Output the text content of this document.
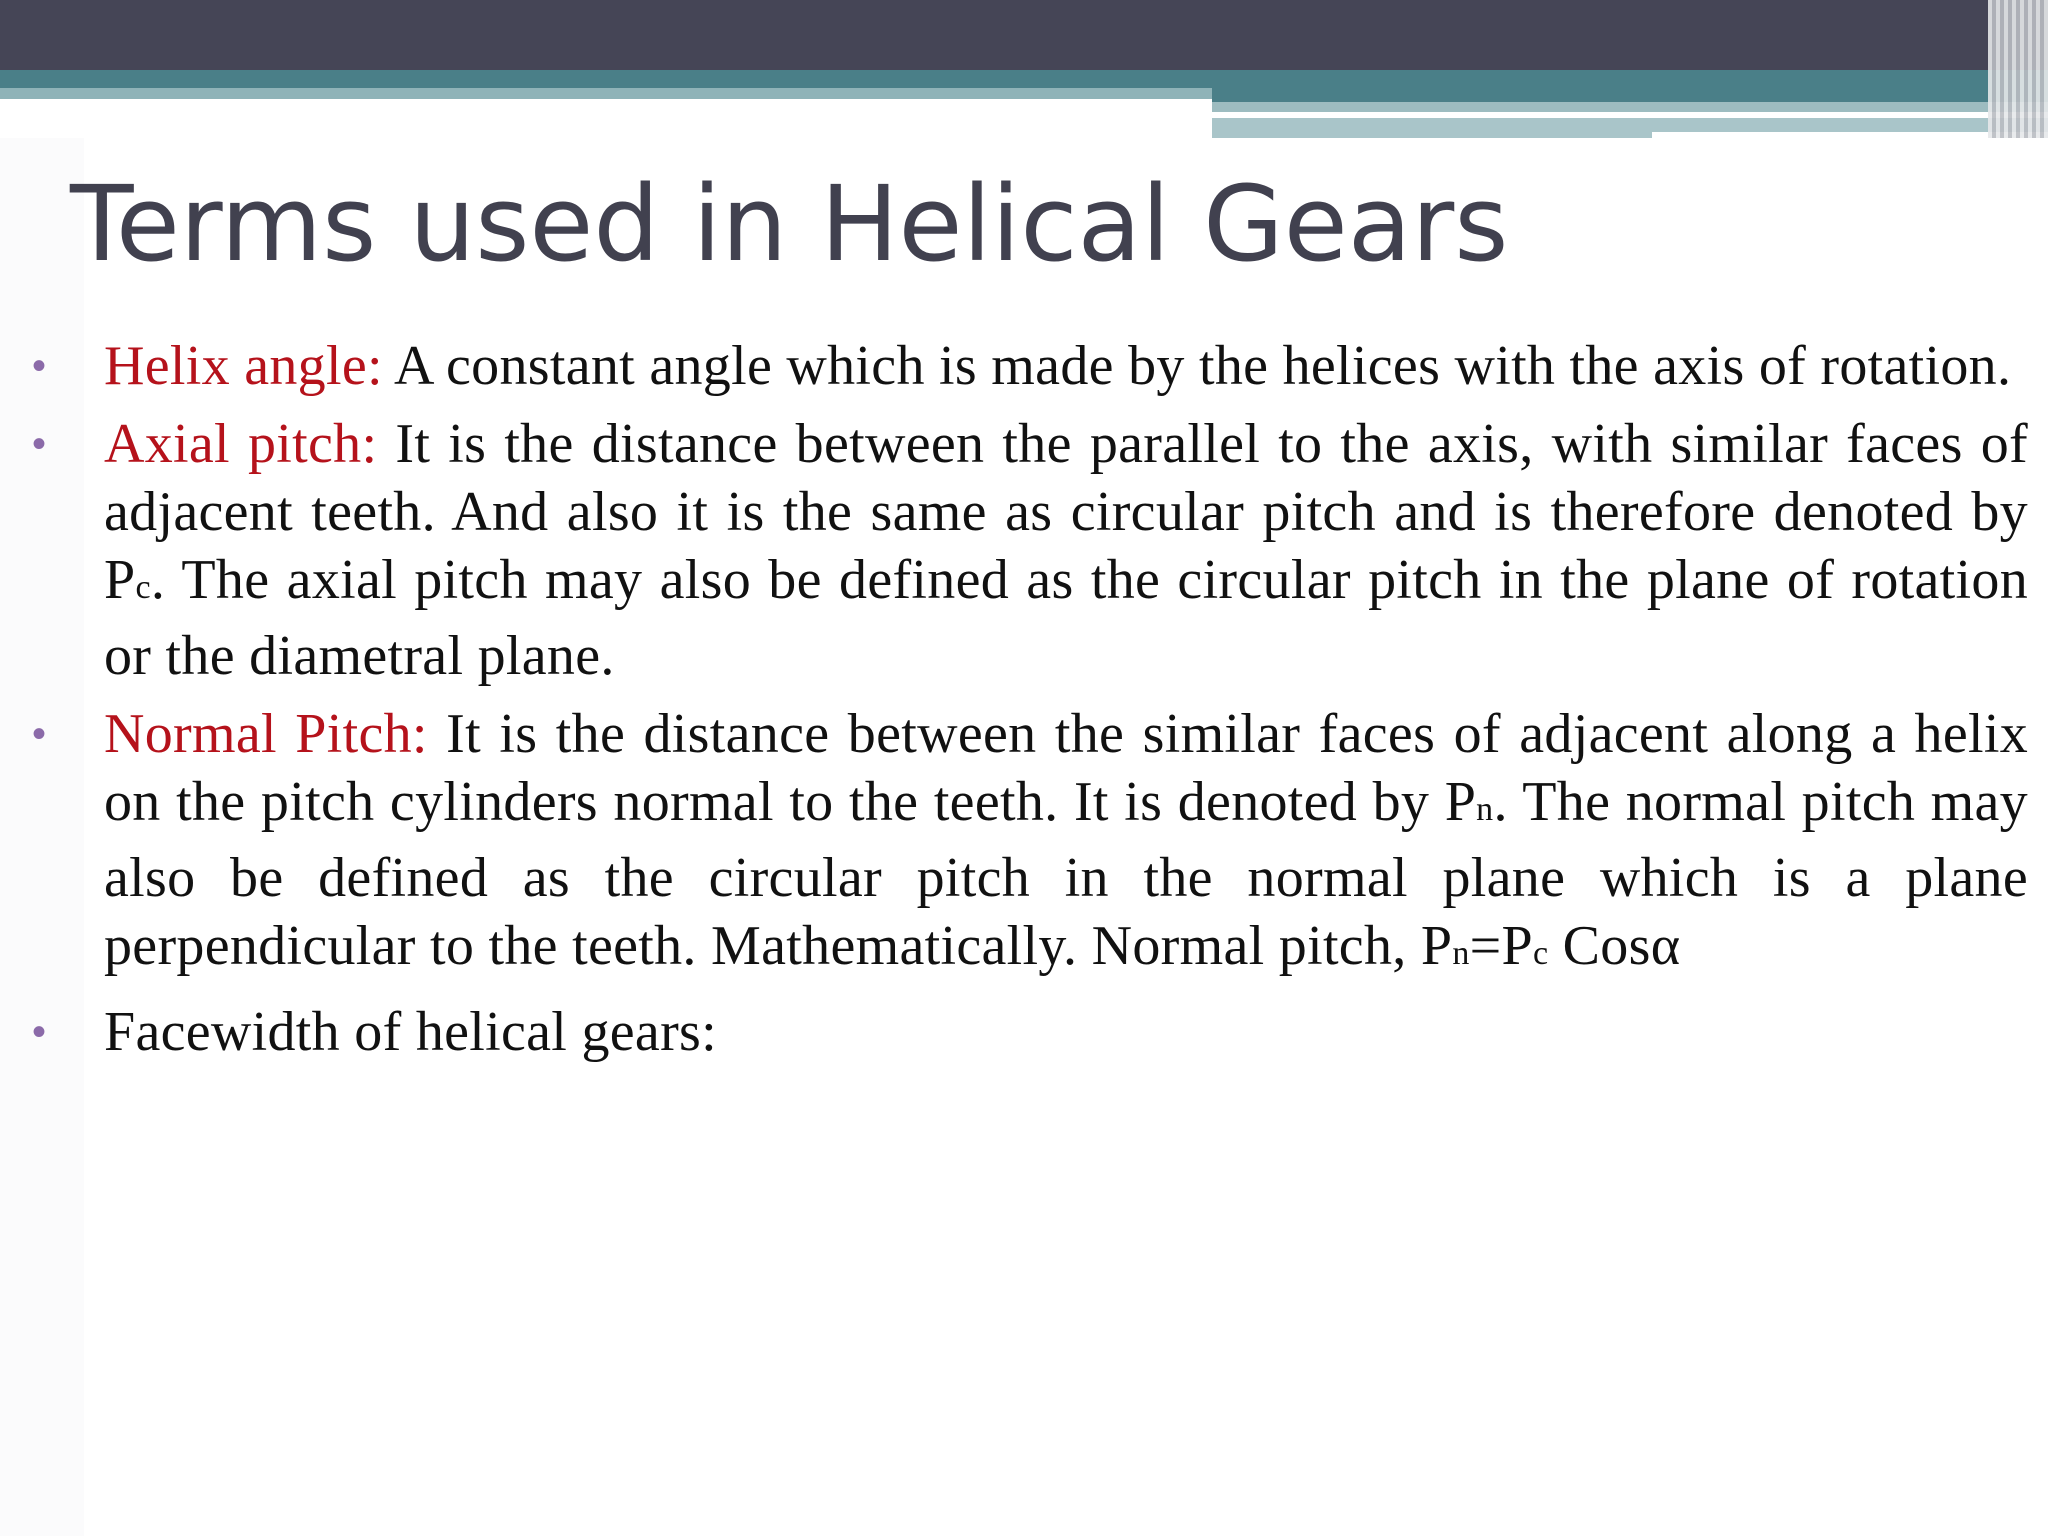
Terms used in Helical Gears
•	Helix angle: A constant angle which is made by the helices with the axis of rotation.
•	Axial pitch: It is the distance between the parallel to the axis, with similar faces of adjacent teeth. And also it is the same as circular pitch and is therefore denoted by Pc. The axial pitch may also be defined as the circular pitch in the plane of rotation or the diametral plane.
•	Normal Pitch: It is the distance between the similar faces of adjacent along a helix on the pitch cylinders normal to the teeth. It is denoted by Pn. The normal pitch may also be defined as the circular pitch in the normal plane which is a plane perpendicular to the teeth. Mathematically. Normal pitch, Pn=Pc Cosα
•	Facewidth of helical gears:
